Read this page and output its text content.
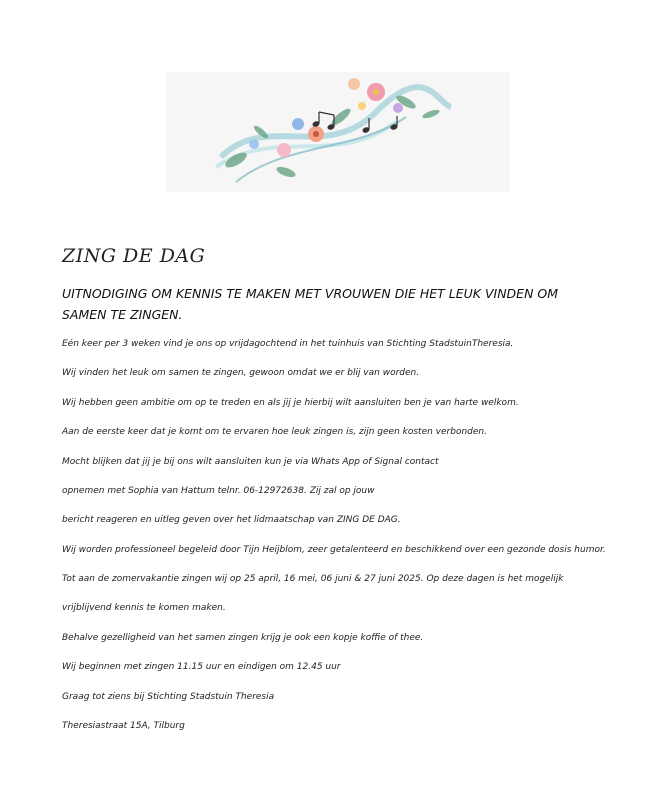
ZING DE DAG
UITNODIGING OM KENNIS TE MAKEN MET VROUWEN DIE HET LEUK VINDEN OM SAMEN TE ZINGEN.

Eén keer per 3 weken vind je ons op vrijdagochtend in het tuinhuis van Stichting StadstuinTheresia.

Wij vinden het leuk om samen te zingen, gewoon omdat we er blij van worden.

Wij hebben geen ambitie om op te treden en als jij je hierbij wilt aansluiten ben je van harte welkom.

Aan de eerste keer dat je komt om te ervaren hoe leuk zingen is, zijn geen kosten verbonden.

Mocht blijken dat jij je bij ons wilt aansluiten kun je via Whats App of Signal contact

opnemen met Sophia van Hattum telnr. 06-12972638. Zij zal op jouw

bericht reageren en uitleg geven over het lidmaatschap van ZING DE DAG.

Wij worden professioneel begeleid door Tijn Heijblom, zeer getalenteerd en beschikkend over een gezonde dosis humor.

Tot aan de zomervakantie zingen wij op 25 april, 16 mei, 06 juni & 27 juni 2025. Op deze dagen is het mogelijk

vrijblijvend kennis te komen maken.

Behalve gezelligheid van het samen zingen krijg je ook een kopje koffie of thee.

Wij beginnen met zingen 11.15 uur en eindigen om 12.45 uur

Graag tot ziens bij Stichting Stadstuin Theresia

Theresiastraat 15A, Tilburg
